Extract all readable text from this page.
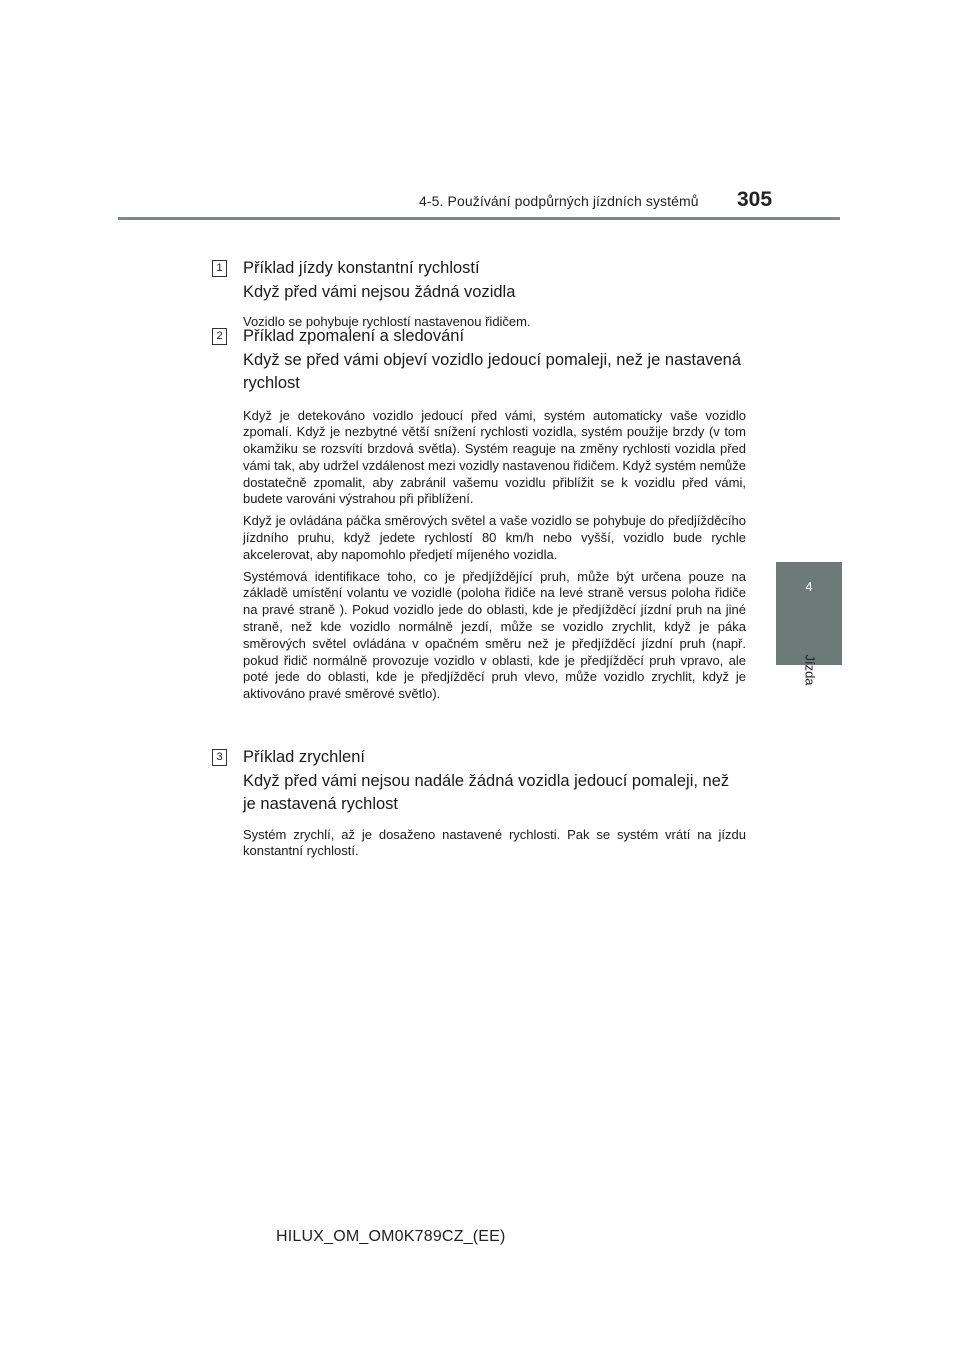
4-5. Používání podpůrných jízdních systémů 305
4
Jízda
1 Příklad jízdy konstantní rychlostí
Když před vámi nejsou žádná vozidla

Vozidlo se pohybuje rychlostí nastavenou řidičem.

2 Příklad zpomalení a sledování
Když se před vámi objeví vozidlo jedoucí pomaleji, než je nastavená
rychlost

Když je detekováno vozidlo jedoucí před vámi, systém automaticky vaše vozidlo zpomalí. Když je nezbytné větší snížení rychlosti vozidla, systém použije brzdy (v tom okamžiku se rozsvítí brzdová světla). Systém reaguje na změny rychlosti vozidla před vámi tak, aby udržel vzdálenost mezi vozidly nastavenou řidičem. Když systém nemůže dostatečně zpomalit, aby zabránil vašemu vozidlu přiblížit se k vozidlu před vámi, budete varováni výstrahou při přiblížení.

Když je ovládána páčka směrových světel a vaše vozidlo se pohybuje do předjížděcího jízdního pruhu, když jedete rychlostí 80 km/h nebo vyšší, vozidlo bude rychle akcelerovat, aby napomohlo předjetí míjeného vozidla.

Systémová identifikace toho, co je předjíždějící pruh, může být určena pouze na základě umístění volantu ve vozidle (poloha řidiče na levé straně versus poloha řidiče na pravé straně ). Pokud vozidlo jede do oblasti, kde je předjížděcí jízdní pruh na jiné straně, než kde vozidlo normálně jezdí, může se vozidlo zrychlit, když je páka směrových světel ovládána v opačném směru než je předjížděcí jízdní pruh (např. pokud řidič normálně provozuje vozidlo v oblasti, kde je předjížděcí pruh vpravo, ale poté jede do oblasti, kde je předjížděcí pruh vlevo, může vozidlo zrychlit, když je aktivováno pravé směrové světlo).

3 Příklad zrychlení
Když před vámi nejsou nadále žádná vozidla jedoucí pomaleji, než
je nastavená rychlost

Systém zrychlí, až je dosaženo nastavené rychlosti. Pak se systém vrátí na jízdu konstantní rychlostí.

HILUX_OM_OM0K789CZ_(EE)
